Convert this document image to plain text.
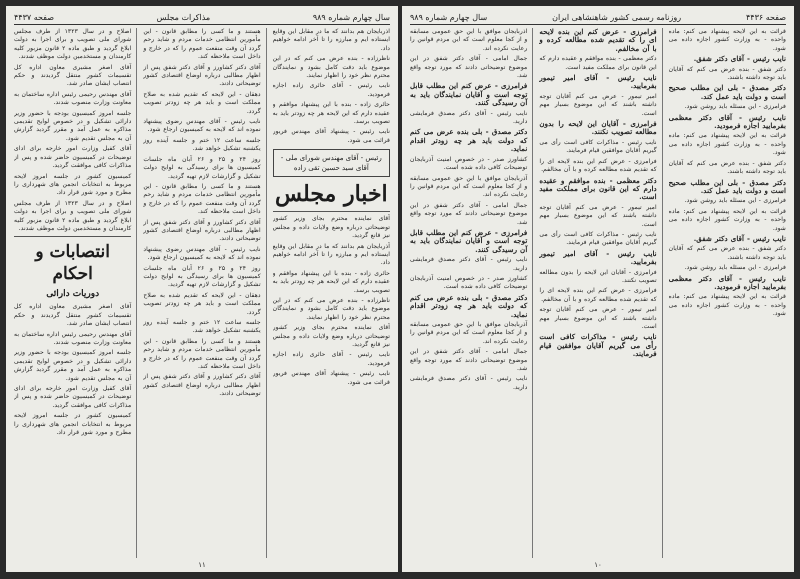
سال چهارم شماره ۹۸۹
مذاکرات مجلس
صفحه ۴۴۳۷

آذربایجان هم بدانند که ما در مقابل این وقایع ایستاده ایم و مبارزه را تا آخر ادامه خواهیم داد.

ناظرزاده - بنده عرض می کنم که در این موضوع باید دقت کامل بشود و نمایندگان محترم نظر خود را اظهار نمایند.

نایب رئیس - آقای حائری زاده اجازه فرمودید.

حائری زاده - بنده با این پیشنهاد موافقم و عقیده دارم که این لایحه هر چه زودتر باید به تصویب برسد.

نایب رئیس - پیشنهاد آقای مهندس فریور قرائت می شود.

رئیس - آقای مهندس شورای ملی - آقای سید حسین تقی زاده
اخبار مجلس

آقای نماینده محترم بجای وزیر کشور توضیحاتی درباره وضع ولایات داده و مجلس نیز قانع گردید.

آذربایجان هم بدانند که ما در مقابل این وقایع ایستاده ایم و مبارزه را تا آخر ادامه خواهیم داد.

حائری زاده - بنده با این پیشنهاد موافقم و عقیده دارم که این لایحه هر چه زودتر باید به تصویب برسد.

ناظرزاده - بنده عرض می کنم که در این موضوع باید دقت کامل بشود و نمایندگان محترم نظر خود را اظهار نمایند.

آقای نماینده محترم بجای وزیر کشور توضیحاتی درباره وضع ولایات داده و مجلس نیز قانع گردید.

نایب رئیس - آقای حائری زاده اجازه فرمودید.

نایب رئیس - پیشنهاد آقای مهندس فریور قرائت می شود.

هستند و ما کسی را مطابق قانون - این مأمورین انتظامی خدمات مردم و شاید رحم گردد آن وقت منفعت عموم را که در خارج و داخل است ملاحظه کند.

آقای دکتر کشاورز و آقای دکتر شفق پس از اظهار مطالبی درباره اوضاع اقتصادی کشور توضیحاتی دادند.

دهقان - این لایحه که تقدیم شده به صلاح مملکت است و باید هر چه زودتر تصویب گردد.

نایب رئیس - آقای مهندس رضوی پیشنهاد نموده اند که لایحه به کمیسیون ارجاع شود.

جلسه ساعت ۱۲ ختم و جلسه آینده روز یکشنبه تشکیل خواهد شد.

روز ۲۴ و ۲۵ و ۲۶ آبان ماه جلسات کمیسیون ها برای رسیدگی به لوایح دولت تشکیل و گزارشات لازم تهیه گردید.

هستند و ما کسی را مطابق قانون - این مأمورین انتظامی خدمات مردم و شاید رحم گردد آن وقت منفعت عموم را که در خارج و داخل است ملاحظه کند.

آقای دکتر کشاورز و آقای دکتر شفق پس از اظهار مطالبی درباره اوضاع اقتصادی کشور توضیحاتی دادند.

نایب رئیس - آقای مهندس رضوی پیشنهاد نموده اند که لایحه به کمیسیون ارجاع شود.

روز ۲۴ و ۲۵ و ۲۶ آبان ماه جلسات کمیسیون ها برای رسیدگی به لوایح دولت تشکیل و گزارشات لازم تهیه گردید.

دهقان - این لایحه که تقدیم شده به صلاح مملکت است و باید هر چه زودتر تصویب گردد.

جلسه ساعت ۱۲ ختم و جلسه آینده روز یکشنبه تشکیل خواهد شد.

هستند و ما کسی را مطابق قانون - این مأمورین انتظامی خدمات مردم و شاید رحم گردد آن وقت منفعت عموم را که در خارج و داخل است ملاحظه کند.

آقای دکتر کشاورز و آقای دکتر شفق پس از اظهار مطالبی درباره اوضاع اقتصادی کشور توضیحاتی دادند.

اصلاح و در سال ۱۳۲۳ از طرف مجلس شورای ملی تصویب و برای اجرا به دولت ابلاغ گردید و طبق ماده ۲ قانون مزبور کلیه کارمندان و مستخدمین دولت موظف شدند.

آقای اصغر مشیری معاون اداره کل تقسیمات کشور منتقل گردیدند و حکم انتصاب ایشان صادر شد.

آقای مهندس رحیمی رئیس اداره ساختمان به معاونت وزارت منصوب شدند.

جلسه امروز کمیسیون بودجه با حضور وزیر دارائی تشکیل و در خصوص لوایح تقدیمی مذاکره به عمل آمد و مقرر گردید گزارش آن به مجلس تقدیم شود.

آقای کفیل وزارت امور خارجه برای ادای توضیحات در کمیسیون حاضر شده و پس از مذاکرات کافی موافقت گردید.

کمیسیون کشور در جلسه امروز لایحه مربوط به انتخابات انجمن های شهرداری را مطرح و مورد شور قرار داد.

اصلاح و در سال ۱۳۲۳ از طرف مجلس شورای ملی تصویب و برای اجرا به دولت ابلاغ گردید و طبق ماده ۲ قانون مزبور کلیه کارمندان و مستخدمین دولت موظف شدند.

انتصابات و احکام
دوریات دارائی

آقای اصغر مشیری معاون اداره کل تقسیمات کشور منتقل گردیدند و حکم انتصاب ایشان صادر شد.

آقای مهندس رحیمی رئیس اداره ساختمان به معاونت وزارت منصوب شدند.

جلسه امروز کمیسیون بودجه با حضور وزیر دارائی تشکیل و در خصوص لوایح تقدیمی مذاکره به عمل آمد و مقرر گردید گزارش آن به مجلس تقدیم شود.

آقای کفیل وزارت امور خارجه برای ادای توضیحات در کمیسیون حاضر شده و پس از مذاکرات کافی موافقت گردید.

کمیسیون کشور در جلسه امروز لایحه مربوط به انتخابات انجمن های شهرداری را مطرح و مورد شور قرار داد.

۱۱
صفحه ۴۴۳۶
روزنامه رسمی کشور شاهنشاهی ایران
سال چهارم شماره ۹۸۹

قرائت به این لایحه پیشنهاد می کنم: ماده واحده - به وزارت کشور اجازه داده می شود.

نایب رئیس - آقای دکتر شفق.

دکتر شفق - بنده عرض می کنم که آقایان باید توجه داشته باشند.

دکتر مصدق - بلی این مطلب صحیح است و دولت باید عمل کند.

فرامرزی - این مسئله باید روشن شود.

نایب رئیس - آقای دکتر معظمی بفرمایید اجازه فرمودید.

قرائت به این لایحه پیشنهاد می کنم: ماده واحده - به وزارت کشور اجازه داده می شود.

دکتر شفق - بنده عرض می کنم که آقایان باید توجه داشته باشند.

دکتر مصدق - بلی این مطلب صحیح است و دولت باید عمل کند.

فرامرزی - این مسئله باید روشن شود.

قرائت به این لایحه پیشنهاد می کنم: ماده واحده - به وزارت کشور اجازه داده می شود.

نایب رئیس - آقای دکتر شفق.

دکتر شفق - بنده عرض می کنم که آقایان باید توجه داشته باشند.

فرامرزی - این مسئله باید روشن شود.

نایب رئیس - آقای دکتر معظمی بفرمایید اجازه فرمودید.

قرائت به این لایحه پیشنهاد می کنم: ماده واحده - به وزارت کشور اجازه داده می شود.

فرامرزی - عرض کنم این بنده لایحه ای را که تقدیم شده مطالعه کرده و با آن مخالفم.

دکتر معظمی - بنده موافقم و عقیده دارم که این قانون برای مملکت مفید است.

نایب رئیس - آقای امیر تیمور بفرمایید.

امیر تیمور - عرض می کنم آقایان توجه داشته باشند که این موضوع بسیار مهم است.

فرامرزی - آقایان این لایحه را بدون مطالعه تصویب نکنند.

نایب رئیس - مذاکرات کافی است رأی می گیریم آقایان موافقین قیام فرمایند.

فرامرزی - عرض کنم این بنده لایحه ای را که تقدیم شده مطالعه کرده و با آن مخالفم.

دکتر معظمی - بنده موافقم و عقیده دارم که این قانون برای مملکت مفید است.

امیر تیمور - عرض می کنم آقایان توجه داشته باشند که این موضوع بسیار مهم است.

نایب رئیس - مذاکرات کافی است رأی می گیریم آقایان موافقین قیام فرمایند.

نایب رئیس - آقای امیر تیمور بفرمایید.

فرامرزی - آقایان این لایحه را بدون مطالعه تصویب نکنند.

فرامرزی - عرض کنم این بنده لایحه ای را که تقدیم شده مطالعه کرده و با آن مخالفم.

امیر تیمور - عرض می کنم آقایان توجه داشته باشند که این موضوع بسیار مهم است.

نایب رئیس - مذاکرات کافی است رأی می گیریم آقایان موافقین قیام فرمایند.

آذربایجان موافق با این حق عمومی مسابقه و از کجا معلوم است که این مردم قوانین را رعایت نکرده اند.

جمال امامی - آقای دکتر شفق در این موضوع توضیحاتی دادند که مورد توجه واقع شد.

فرامرزی - عرض کنم این مطلب قابل توجه است و آقایان نمایندگان باید به آن رسیدگی کنند.

نایب رئیس - آقای دکتر مصدق فرمایشی دارید.

دکتر مصدق - بلی بنده عرض می کنم که دولت باید هر چه زودتر اقدام نماید.

کشاورز صدر - در خصوص امنیت آذربایجان توضیحات کافی داده شده است.

آذربایجان موافق با این حق عمومی مسابقه و از کجا معلوم است که این مردم قوانین را رعایت نکرده اند.

جمال امامی - آقای دکتر شفق در این موضوع توضیحاتی دادند که مورد توجه واقع شد.

فرامرزی - عرض کنم این مطلب قابل توجه است و آقایان نمایندگان باید به آن رسیدگی کنند.

نایب رئیس - آقای دکتر مصدق فرمایشی دارید.

کشاورز صدر - در خصوص امنیت آذربایجان توضیحات کافی داده شده است.

دکتر مصدق - بلی بنده عرض می کنم که دولت باید هر چه زودتر اقدام نماید.

آذربایجان موافق با این حق عمومی مسابقه و از کجا معلوم است که این مردم قوانین را رعایت نکرده اند.

جمال امامی - آقای دکتر شفق در این موضوع توضیحاتی دادند که مورد توجه واقع شد.

نایب رئیس - آقای دکتر مصدق فرمایشی دارید.

۱۰
